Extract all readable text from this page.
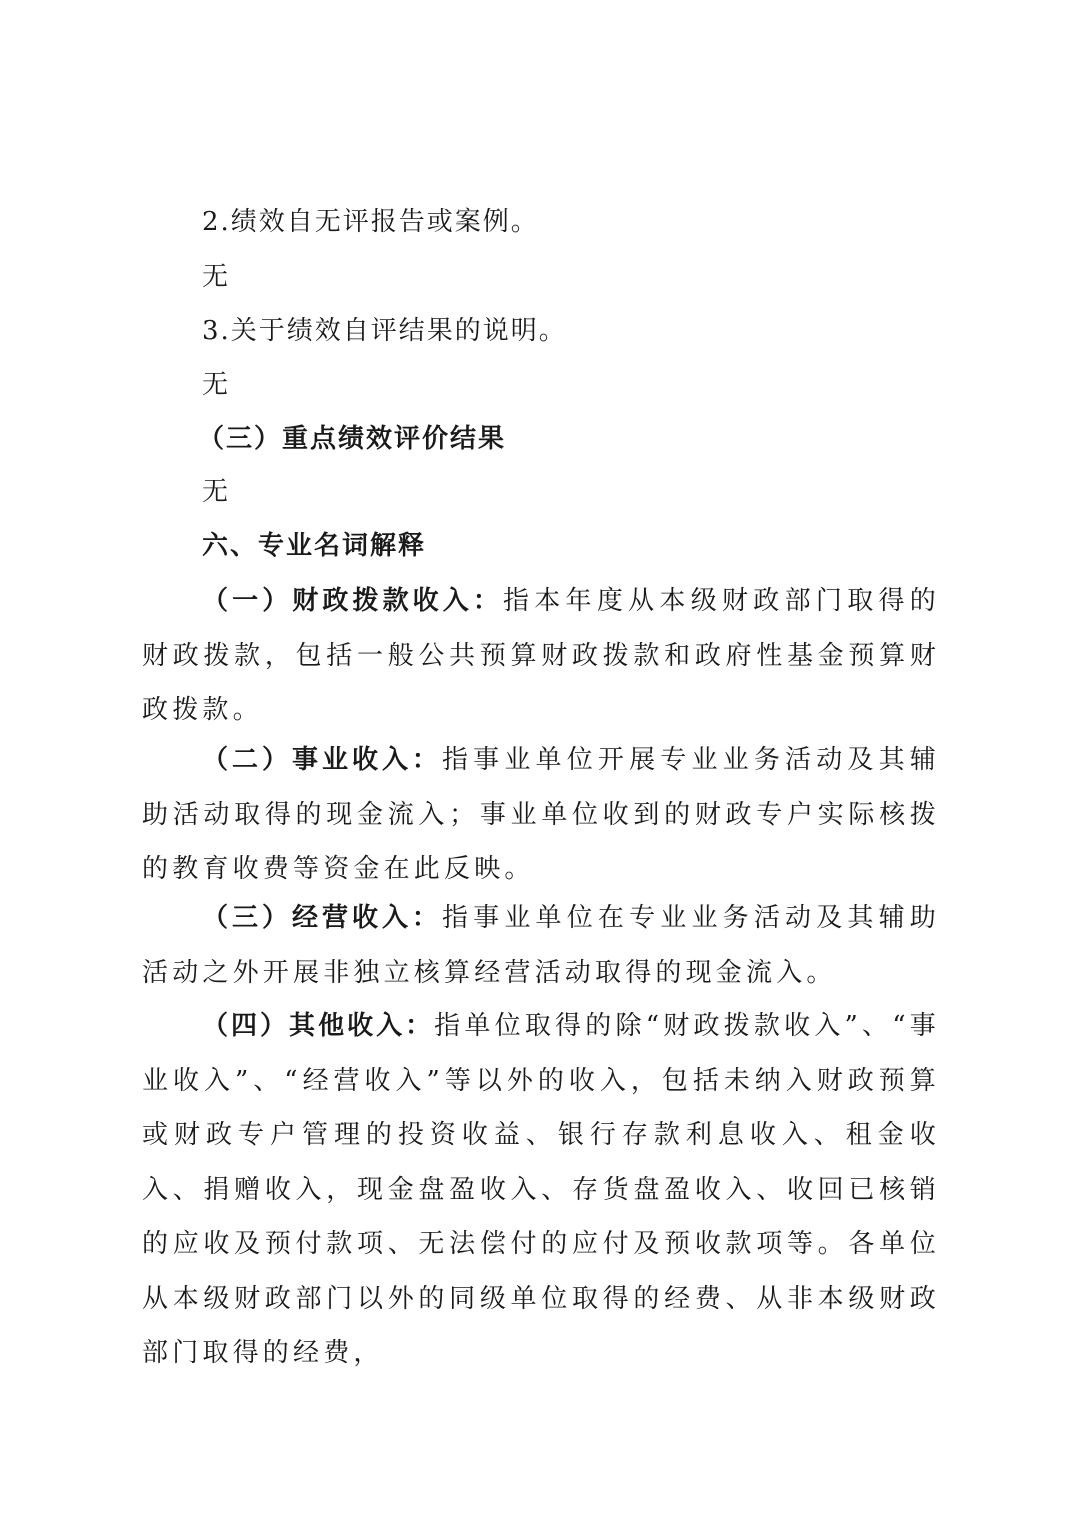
2.绩效自无评报告或案例。
无
3.关于绩效自评结果的说明。
无
（三）重点绩效评价结果
无
六、专业名词解释
（一）财政拨款收入：指本年度从本级财政部门取得的财政拨款，包括一般公共预算财政拨款和政府性基金预算财政拨款。
（二）事业收入：指事业单位开展专业业务活动及其辅助活动取得的现金流入；事业单位收到的财政专户实际核拨的教育收费等资金在此反映。
（三）经营收入：指事业单位在专业业务活动及其辅助活动之外开展非独立核算经营活动取得的现金流入。
（四）其他收入：指单位取得的除“财政拨款收入”、“事业收入”、“经营收入”等以外的收入，包括未纳入财政预算或财政专户管理的投资收益、银行存款利息收入、租金收入、捐赠收入，现金盘盈收入、存货盘盈收入、收回已核销的应收及预付款项、无法偿付的应付及预收款项等。各单位从本级财政部门以外的同级单位取得的经费、从非本级财政部门取得的经费，
